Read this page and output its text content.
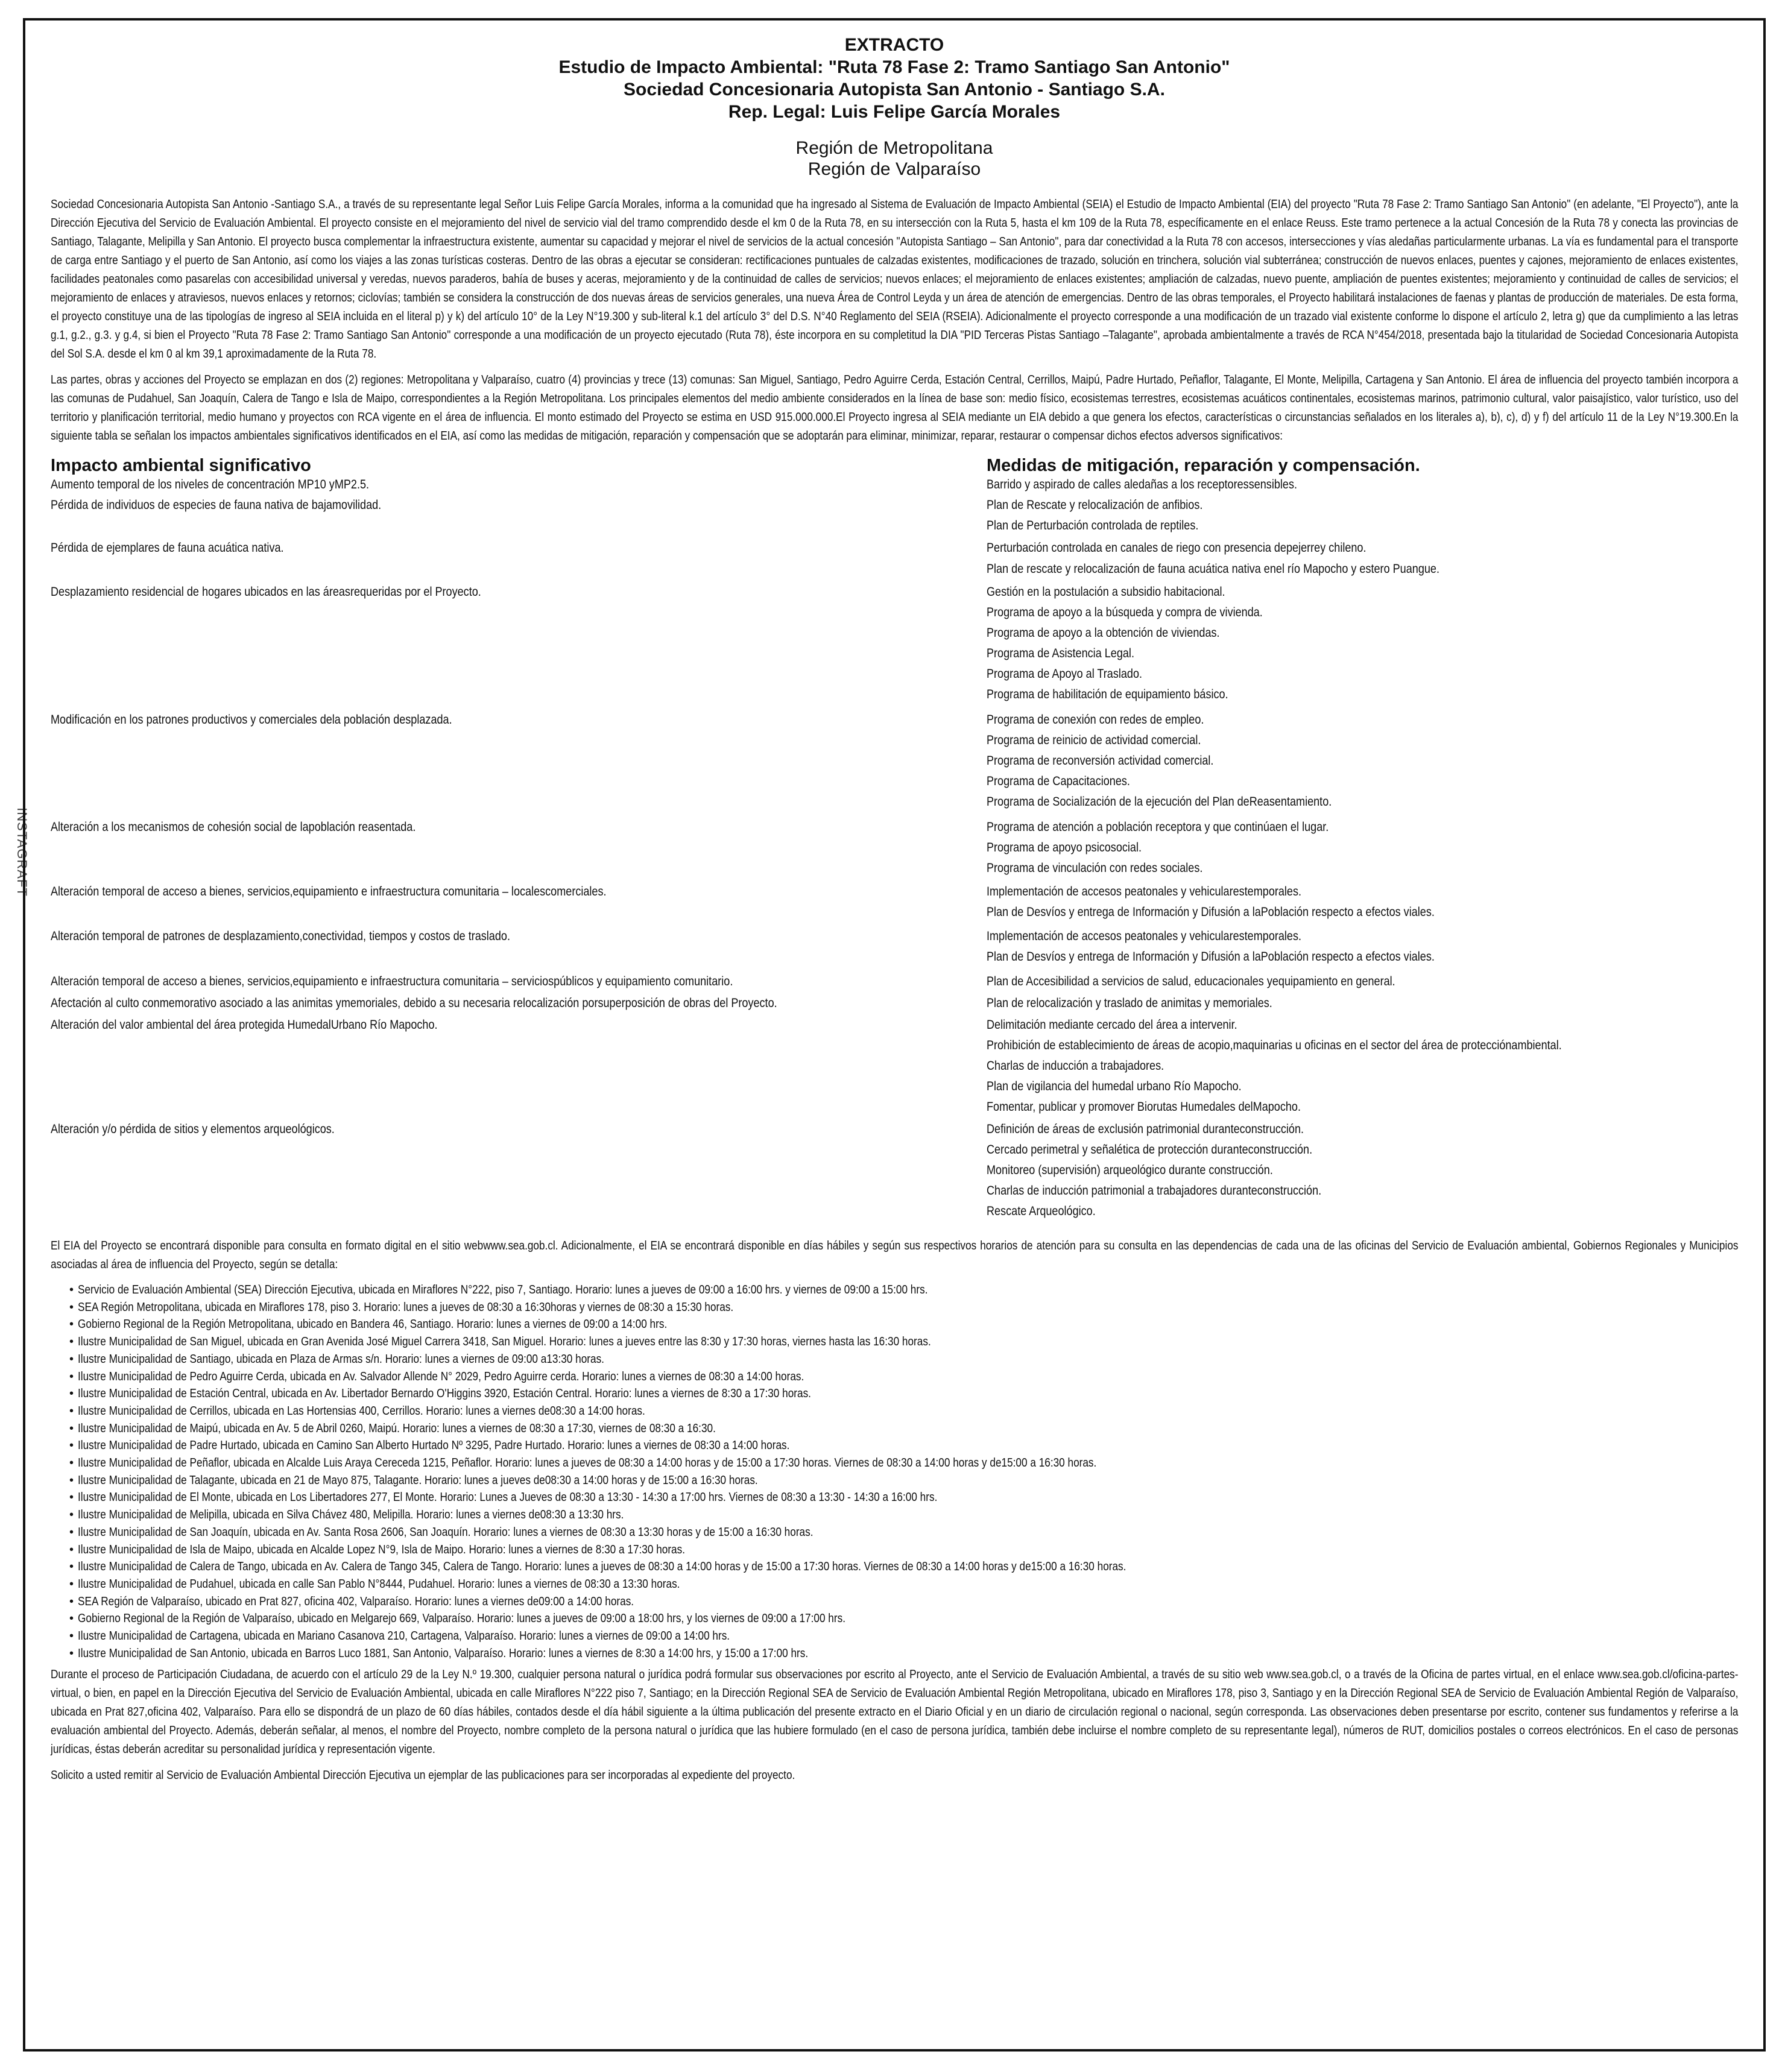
INSTAGRAFT
EXTRACTO
Estudio de Impacto Ambiental: "Ruta 78 Fase 2: Tramo Santiago San Antonio"
Sociedad Concesionaria Autopista San Antonio - Santiago S.A.
Rep. Legal: Luis Felipe García Morales
Región de Metropolitana
Región de Valparaíso

Sociedad Concesionaria Autopista San Antonio -Santiago S.A., a través de su representante legal Señor Luis Felipe García Morales, informa a la comunidad que ha ingresado al Sistema de Evaluación de Impacto Ambiental (SEIA) el Estudio de Impacto Ambiental (EIA) del proyecto "Ruta 78 Fase 2: Tramo Santiago San Antonio" (en adelante, "El Proyecto"), ante la Dirección Ejecutiva del Servicio de Evaluación Ambiental. El proyecto consiste en el mejoramiento del nivel de servicio vial del tramo comprendido desde el km 0 de la Ruta 78, en su intersección con la Ruta 5, hasta el km 109 de la Ruta 78, específicamente en el enlace Reuss. Este tramo pertenece a la actual Concesión de la Ruta 78 y conecta las provincias de Santiago, Talagante, Melipilla y San Antonio. El proyecto busca complementar la infraestructura existente, aumentar su capacidad y mejorar el nivel de servicios de la actual concesión "Autopista Santiago – San Antonio", para dar conectividad a la Ruta 78 con accesos, intersecciones y vías aledañas particularmente urbanas. La vía es fundamental para el transporte de carga entre Santiago y el puerto de San Antonio, así como los viajes a las zonas turísticas costeras. Dentro de las obras a ejecutar se consideran: rectificaciones puntuales de calzadas existentes, modificaciones de trazado, solución en trinchera, solución vial subterránea; construcción de nuevos enlaces, puentes y cajones, mejoramiento de enlaces existentes, facilidades peatonales como pasarelas con accesibilidad universal y veredas, nuevos paraderos, bahía de buses y aceras, mejoramiento y de la continuidad de calles de servicios; nuevos enlaces; el mejoramiento de enlaces existentes; ampliación de calzadas, nuevo puente, ampliación de puentes existentes; mejoramiento y continuidad de calles de servicios; el mejoramiento de enlaces y atraviesos, nuevos enlaces y retornos; ciclovías; también se considera la construcción de dos nuevas áreas de servicios generales, una nueva Área de Control Leyda y un área de atención de emergencias. Dentro de las obras temporales, el Proyecto habilitará instalaciones de faenas y plantas de producción de materiales. De esta forma, el proyecto constituye una de las tipologías de ingreso al SEIA incluida en el literal p) y k) del artículo 10° de la Ley N°19.300 y sub-literal k.1 del artículo 3° del D.S. N°40 Reglamento del SEIA (RSEIA). Adicionalmente el proyecto corresponde a una modificación de un trazado vial existente conforme lo dispone el artículo 2, letra g) que da cumplimiento a las letras g.1, g.2., g.3. y g.4, si bien el Proyecto "Ruta 78 Fase 2: Tramo Santiago San Antonio" corresponde a una modificación de un proyecto ejecutado (Ruta 78), éste incorpora en su completitud la DIA "PID Terceras Pistas Santiago –Talagante", aprobada ambientalmente a través de RCA N°454/2018, presentada bajo la titularidad de Sociedad Concesionaria Autopista del Sol S.A. desde el km 0 al km 39,1 aproximadamente de la Ruta 78.

Las partes, obras y acciones del Proyecto se emplazan en dos (2) regiones: Metropolitana y Valparaíso, cuatro (4) provincias y trece (13) comunas: San Miguel, Santiago, Pedro Aguirre Cerda, Estación Central, Cerrillos, Maipú, Padre Hurtado, Peñaflor, Talagante, El Monte, Melipilla, Cartagena y San Antonio. El área de influencia del proyecto también incorpora a las comunas de Pudahuel, San Joaquín, Calera de Tango e Isla de Maipo, correspondientes a la Región Metropolitana. Los principales elementos del medio ambiente considerados en la línea de base son: medio físico, ecosistemas terrestres, ecosistemas acuáticos continentales, ecosistemas marinos, patrimonio cultural, valor paisajístico, valor turístico, uso del territorio y planificación territorial, medio humano y proyectos con RCA vigente en el área de influencia. El monto estimado del Proyecto se estima en USD 915.000.000.El Proyecto ingresa al SEIA mediante un EIA debido a que genera los efectos, características o circunstancias señalados en los literales a), b), c), d) y f) del artículo 11 de la Ley N°19.300.En la siguiente tabla se señalan los impactos ambientales significativos identificados en el EIA, así como las medidas de mitigación, reparación y compensación que se adoptarán para eliminar, minimizar, reparar, restaurar o compensar dichos efectos adversos significativos:

Impacto ambiental significativo	Medidas de mitigación, reparación y compensación.
Aumento temporal de los niveles de concentración MP10 yMP2.5.
Pérdida de individuos de especies de fauna nativa de bajamovilidad.
Pérdida de ejemplares de fauna acuática nativa.
Desplazamiento residencial de hogares ubicados en las áreasrequeridas por el Proyecto.
Modificación en los patrones productivos y comerciales dela población desplazada.
Alteración a los mecanismos de cohesión social de lapoblación reasentada.
Alteración temporal de acceso a bienes, servicios,equipamiento e infraestructura comunitaria – localescomerciales.
Alteración temporal de patrones de desplazamiento,conectividad, tiempos y costos de traslado.
Alteración temporal de acceso a bienes, servicios,equipamiento e infraestructura comunitaria – serviciospúblicos y equipamiento comunitario.
Afectación al culto conmemorativo asociado a las animitas ymemoriales, debido a su necesaria relocalización porsuperposición de obras del Proyecto.
Alteración del valor ambiental del área protegida HumedalUrbano Río Mapocho.
Alteración y/o pérdida de sitios y elementos arqueológicos.
Barrido y aspirado de calles aledañas a los receptoressensibles.
Plan de Rescate y relocalización de anfibios.
Plan de Perturbación controlada de reptiles.
Perturbación controlada en canales de riego con presencia depejerrey chileno.
Plan de rescate y relocalización de fauna acuática nativa enel río Mapocho y estero Puangue.
Gestión en la postulación a subsidio habitacional.
Programa de apoyo a la búsqueda y compra de vivienda.
Programa de apoyo a la obtención de viviendas.
Programa de Asistencia Legal.
Programa de Apoyo al Traslado.
Programa de habilitación de equipamiento básico.
Programa de conexión con redes de empleo.
Programa de reinicio de actividad comercial.
Programa de reconversión actividad comercial.
Programa de Capacitaciones.
Programa de Socialización de la ejecución del Plan deReasentamiento.
Programa de atención a población receptora y que continúaen el lugar.
Programa de apoyo psicosocial.
Programa de vinculación con redes sociales.
Implementación de accesos peatonales y vehicularestemporales.
Plan de Desvíos y entrega de Información y Difusión a laPoblación respecto a efectos viales.
Implementación de accesos peatonales y vehicularestemporales.
Plan de Desvíos y entrega de Información y Difusión a laPoblación respecto a efectos viales.
Plan de Accesibilidad a servicios de salud, educacionales yequipamiento en general.
Plan de relocalización y traslado de animitas y memoriales.
Delimitación mediante cercado del área a intervenir.
Prohibición de establecimiento de áreas de acopio,maquinarias u oficinas en el sector del área de protecciónambiental.
Charlas de inducción a trabajadores.
Plan de vigilancia del humedal urbano Río Mapocho.
Fomentar, publicar y promover Biorutas Humedales delMapocho.
Definición de áreas de exclusión patrimonial duranteconstrucción.
Cercado perimetral y señalética de protección duranteconstrucción.
Monitoreo (supervisión) arqueológico durante construcción.
Charlas de inducción patrimonial a trabajadores duranteconstrucción.
Rescate Arqueológico.

El EIA del Proyecto se encontrará disponible para consulta en formato digital en el sitio webwww.sea.gob.cl. Adicionalmente, el EIA se encontrará disponible en días hábiles y según sus respectivos horarios de atención para su consulta en las dependencias de cada una de las oficinas del Servicio de Evaluación ambiental, Gobiernos Regionales y Municipios asociadas al área de influencia del Proyecto, según se detalla:

• Servicio de Evaluación Ambiental (SEA) Dirección Ejecutiva, ubicada en Miraflores N°222, piso 7, Santiago. Horario: lunes a jueves de 09:00 a 16:00 hrs. y viernes de 09:00 a 15:00 hrs.
• SEA Región Metropolitana, ubicada en Miraflores 178, piso 3. Horario: lunes a jueves de 08:30 a 16:30horas y viernes de 08:30 a 15:30 horas.
• Gobierno Regional de la Región Metropolitana, ubicado en Bandera 46, Santiago. Horario: lunes a viernes de 09:00 a 14:00 hrs.
• Ilustre Municipalidad de San Miguel, ubicada en Gran Avenida José Miguel Carrera 3418, San Miguel. Horario: lunes a jueves entre las 8:30 y 17:30 horas, viernes hasta las 16:30 horas.
• Ilustre Municipalidad de Santiago, ubicada en Plaza de Armas s/n. Horario: lunes a viernes de 09:00 a13:30 horas.
• Ilustre Municipalidad de Pedro Aguirre Cerda, ubicada en Av. Salvador Allende N° 2029, Pedro Aguirre cerda. Horario: lunes a viernes de 08:30 a 14:00 horas.
• Ilustre Municipalidad de Estación Central, ubicada en Av. Libertador Bernardo O'Higgins 3920, Estación Central. Horario: lunes a viernes de 8:30 a 17:30 horas.
• Ilustre Municipalidad de Cerrillos, ubicada en Las Hortensias 400, Cerrillos. Horario: lunes a viernes de08:30 a 14:00 horas.
• Ilustre Municipalidad de Maipú, ubicada en Av. 5 de Abril 0260, Maipú. Horario: lunes a viernes de 08:30 a 17:30, viernes de 08:30 a 16:30.
• Ilustre Municipalidad de Padre Hurtado, ubicada en Camino San Alberto Hurtado Nº 3295, Padre Hurtado. Horario: lunes a viernes de 08:30 a 14:00 horas.
• Ilustre Municipalidad de Peñaflor, ubicada en Alcalde Luis Araya Cereceda 1215, Peñaflor. Horario: lunes a jueves de 08:30 a 14:00 horas y de 15:00 a 17:30 horas. Viernes de 08:30 a 14:00 horas y de15:00 a 16:30 horas.
• Ilustre Municipalidad de Talagante, ubicada en 21 de Mayo 875, Talagante. Horario: lunes a jueves de08:30 a 14:00 horas y de 15:00 a 16:30 horas.
• Ilustre Municipalidad de El Monte, ubicada en Los Libertadores 277, El Monte. Horario: Lunes a Jueves de 08:30 a 13:30 - 14:30 a 17:00 hrs. Viernes de 08:30 a 13:30 - 14:30 a 16:00 hrs.
• Ilustre Municipalidad de Melipilla, ubicada en Silva Chávez 480, Melipilla. Horario: lunes a viernes de08:30 a 13:30 hrs.
• Ilustre Municipalidad de San Joaquín, ubicada en Av. Santa Rosa 2606, San Joaquín. Horario: lunes a viernes de 08:30 a 13:30 horas y de 15:00 a 16:30 horas.
• Ilustre Municipalidad de Isla de Maipo, ubicada en Alcalde Lopez N°9, Isla de Maipo. Horario: lunes a viernes de 8:30 a 17:30 horas.
• Ilustre Municipalidad de Calera de Tango, ubicada en Av. Calera de Tango 345, Calera de Tango. Horario: lunes a jueves de 08:30 a 14:00 horas y de 15:00 a 17:30 horas. Viernes de 08:30 a 14:00 horas y de15:00 a 16:30 horas.
• Ilustre Municipalidad de Pudahuel, ubicada en calle San Pablo N°8444, Pudahuel. Horario: lunes a viernes de 08:30 a 13:30 horas.
• SEA Región de Valparaíso, ubicado en Prat 827, oficina 402, Valparaíso. Horario: lunes a viernes de09:00 a 14:00 horas.
• Gobierno Regional de la Región de Valparaíso, ubicado en Melgarejo 669, Valparaíso. Horario: lunes a jueves de 09:00 a 18:00 hrs, y los viernes de 09:00 a 17:00 hrs.
• Ilustre Municipalidad de Cartagena, ubicada en Mariano Casanova 210, Cartagena, Valparaíso. Horario: lunes a viernes de 09:00 a 14:00 hrs.
• Ilustre Municipalidad de San Antonio, ubicada en Barros Luco 1881, San Antonio, Valparaíso. Horario: lunes a viernes de 8:30 a 14:00 hrs, y 15:00 a 17:00 hrs.

Durante el proceso de Participación Ciudadana, de acuerdo con el artículo 29 de la Ley N.º 19.300, cualquier persona natural o jurídica podrá formular sus observaciones por escrito al Proyecto, ante el Servicio de Evaluación Ambiental, a través de su sitio web www.sea.gob.cl, o a través de la Oficina de partes virtual, en el enlace www.sea.gob.cl/oficina-partes-virtual, o bien, en papel en la Dirección Ejecutiva del Servicio de Evaluación Ambiental, ubicada en calle Miraflores N°222 piso 7, Santiago; en la Dirección Regional SEA de Servicio de Evaluación Ambiental Región Metropolitana, ubicado en Miraflores 178, piso 3, Santiago y en la Dirección Regional SEA de Servicio de Evaluación Ambiental Región de Valparaíso, ubicada en Prat 827,oficina 402, Valparaíso. Para ello se dispondrá de un plazo de 60 días hábiles, contados desde el día hábil siguiente a la última publicación del presente extracto en el Diario Oficial y en un diario de circulación regional o nacional, según corresponda. Las observaciones deben presentarse por escrito, contener sus fundamentos y referirse a la evaluación ambiental del Proyecto. Además, deberán señalar, al menos, el nombre del Proyecto, nombre completo de la persona natural o jurídica que las hubiere formulado (en el caso de persona jurídica, también debe incluirse el nombre completo de su representante legal), números de RUT, domicilios postales o correos electrónicos. En el caso de personas jurídicas, éstas deberán acreditar su personalidad jurídica y representación vigente.

Solicito a usted remitir al Servicio de Evaluación Ambiental Dirección Ejecutiva un ejemplar de las publicaciones para ser incorporadas al expediente del proyecto.
